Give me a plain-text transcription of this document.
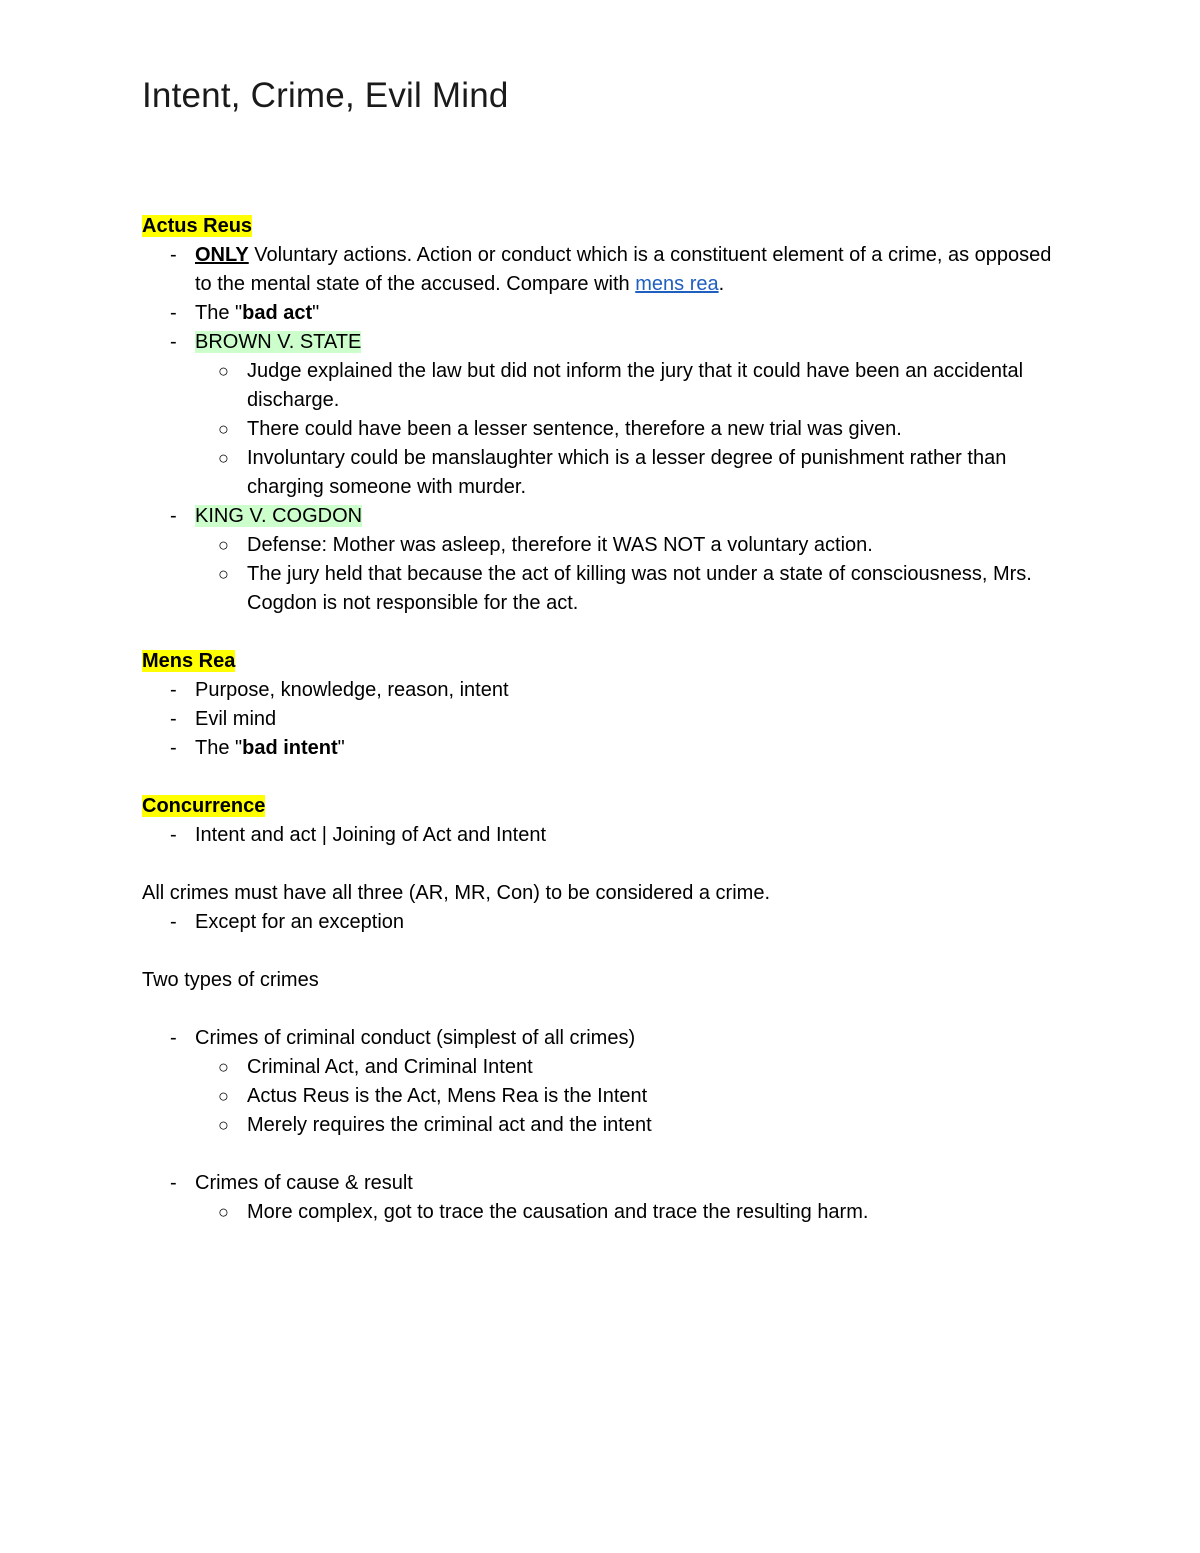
Intent, Crime, Evil Mind
Actus Reus
- ONLY Voluntary actions. Action or conduct which is a constituent element of a crime, as opposed to the mental state of the accused. Compare with mens rea.
- The "bad act"
- BROWN V. STATE
○ Judge explained the law but did not inform the jury that it could have been an accidental discharge.
○ There could have been a lesser sentence, therefore a new trial was given.
○ Involuntary could be manslaughter which is a lesser degree of punishment rather than charging someone with murder.
- KING V. COGDON
○ Defense: Mother was asleep, therefore it WAS NOT a voluntary action.
○ The jury held that because the act of killing was not under a state of consciousness, Mrs. Cogdon is not responsible for the act.
Mens Rea
- Purpose, knowledge, reason, intent
- Evil mind
- The "bad intent"
Concurrence
- Intent and act | Joining of Act and Intent
All crimes must have all three (AR, MR, Con) to be considered a crime.
- Except for an exception
Two types of crimes
- Crimes of criminal conduct (simplest of all crimes)
○ Criminal Act, and Criminal Intent
○ Actus Reus is the Act, Mens Rea is the Intent
○ Merely requires the criminal act and the intent
- Crimes of cause & result
○ More complex, got to trace the causation and trace the resulting harm.
